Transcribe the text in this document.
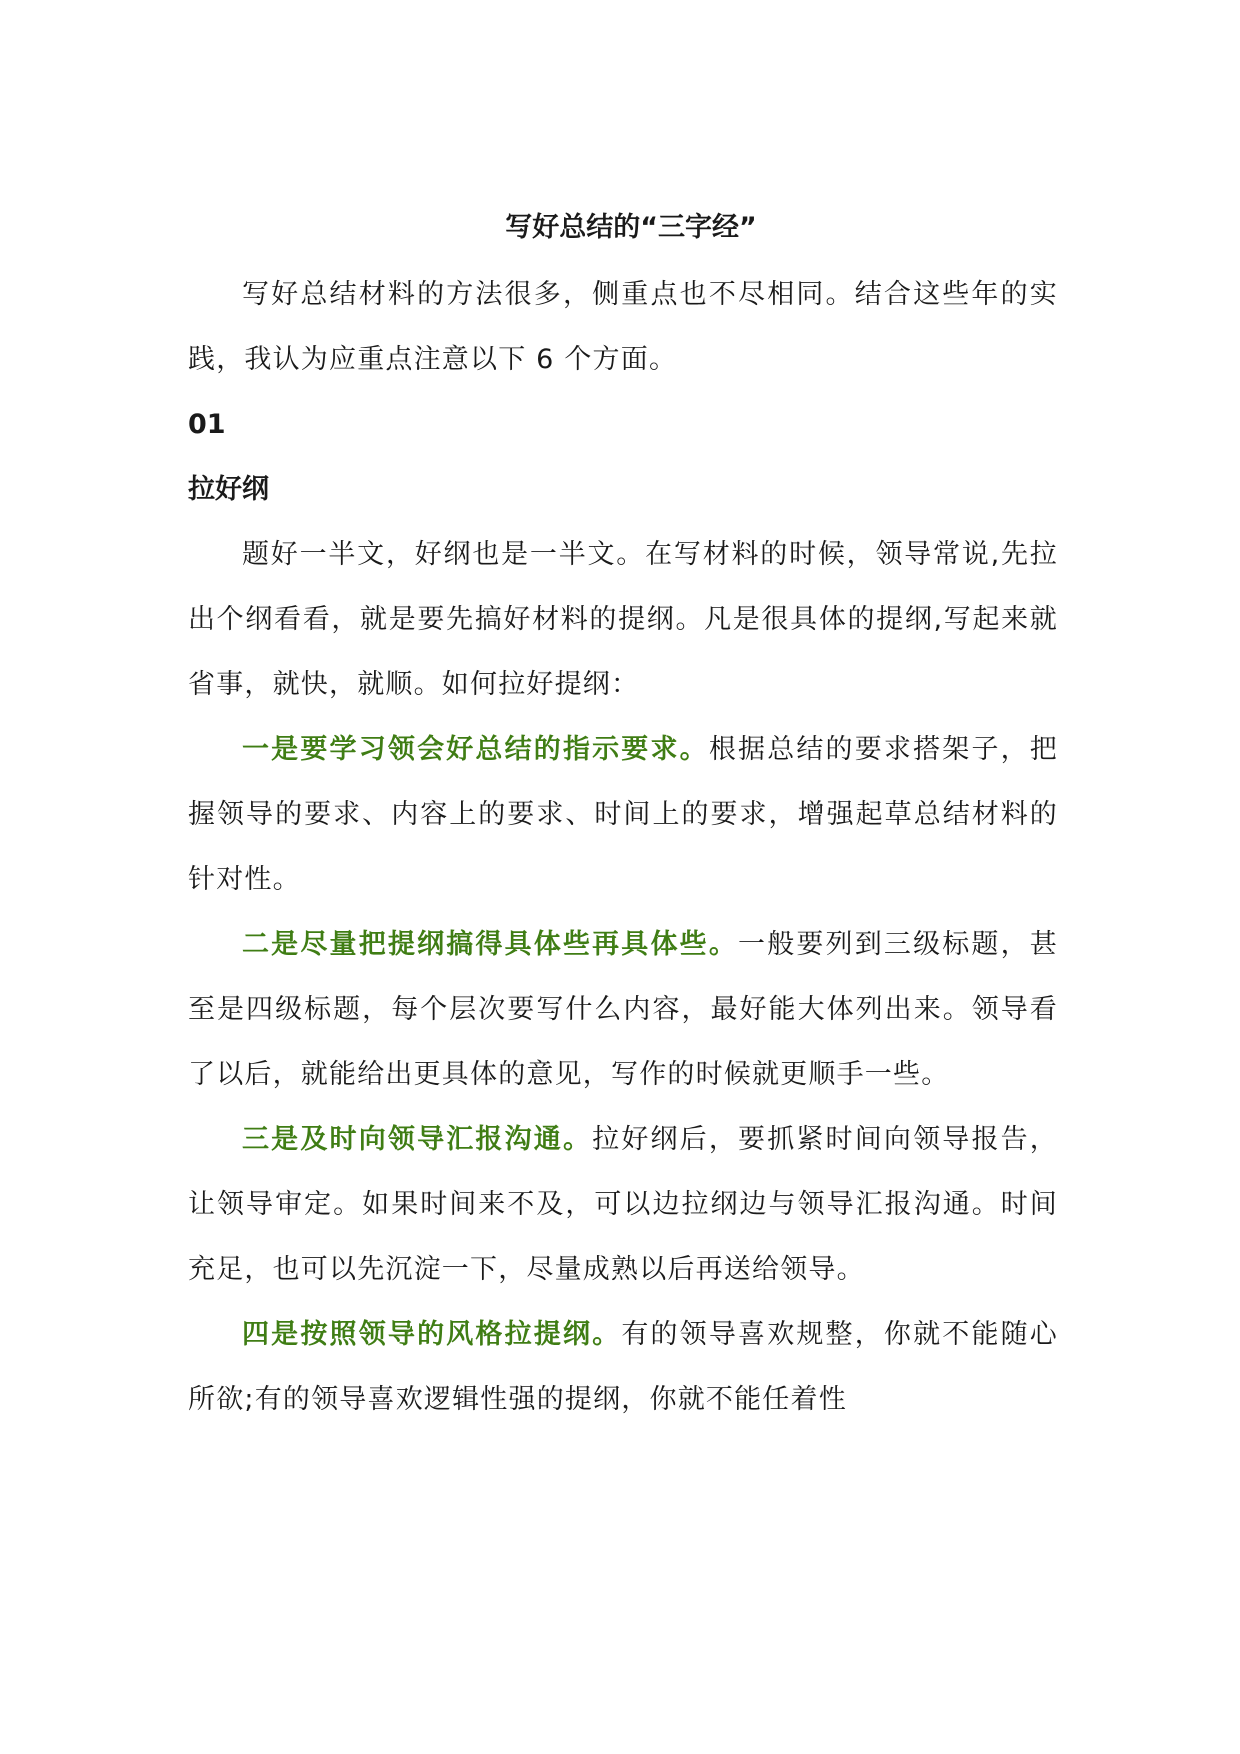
写好总结的“三字经”

写好总结材料的方法很多，侧重点也不尽相同。结合这些年的实践，我认为应重点注意以下 6 个方面。

01
拉好纲

题好一半文，好纲也是一半文。在写材料的时候，领导常说,先拉出个纲看看，就是要先搞好材料的提纲。凡是很具体的提纲,写起来就省事，就快，就顺。如何拉好提纲：

一是要学习领会好总结的指示要求。根据总结的要求搭架子，把握领导的要求、内容上的要求、时间上的要求，增强起草总结材料的针对性。

二是尽量把提纲搞得具体些再具体些。一般要列到三级标题，甚至是四级标题，每个层次要写什么内容，最好能大体列出来。领导看了以后，就能给出更具体的意见，写作的时候就更顺手一些。

三是及时向领导汇报沟通。拉好纲后，要抓紧时间向领导报告，让领导审定。如果时间来不及，可以边拉纲边与领导汇报沟通。时间充足，也可以先沉淀一下，尽量成熟以后再送给领导。

四是按照领导的风格拉提纲。有的领导喜欢规整，你就不能随心所欲;有的领导喜欢逻辑性强的提纲，你就不能任着性
